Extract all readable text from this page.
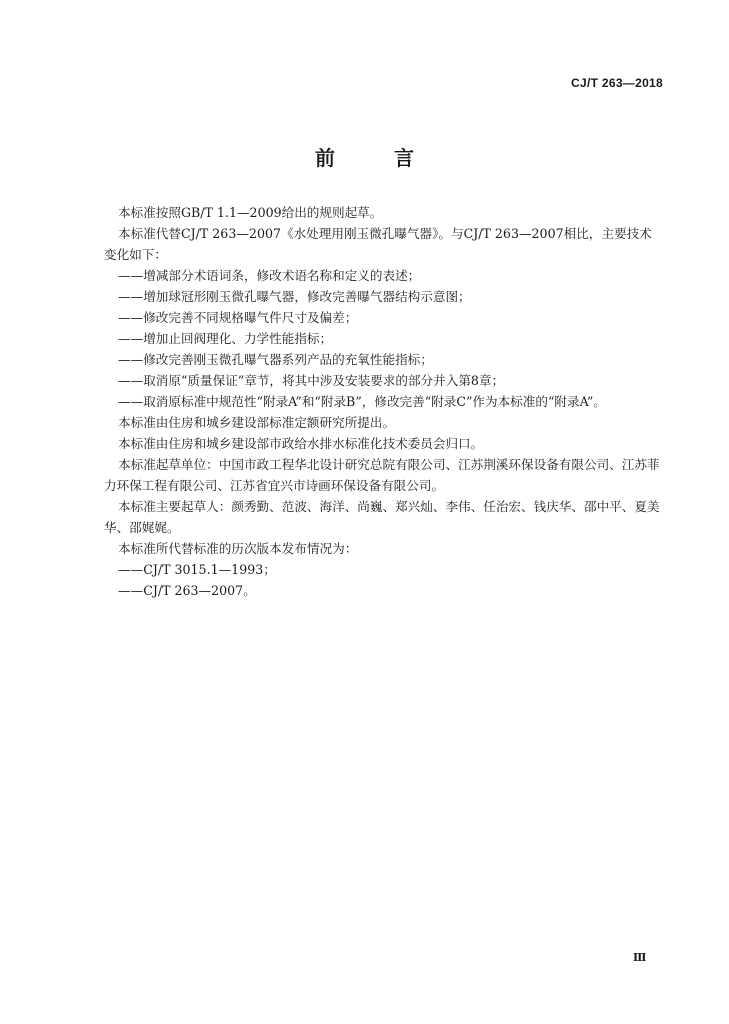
CJ/T 263—2018
前 言

本标准按照GB/T 1.1—2009给出的规则起草。

本标准代替CJ/T 263—2007《水处理用刚玉微孔曝气器》。与CJ/T 263—2007相比，主要技术变化如下：

——增减部分术语词条，修改术语名称和定义的表述；

——增加球冠形刚玉微孔曝气器，修改完善曝气器结构示意图；

——修改完善不同规格曝气件尺寸及偏差；

——增加止回阀理化、力学性能指标；

——修改完善刚玉微孔曝气器系列产品的充氧性能指标；

——取消原“质量保证”章节，将其中涉及安装要求的部分并入第8章；

——取消原标准中规范性“附录A”和“附录B”，修改完善“附录C”作为本标准的“附录A”。

本标准由住房和城乡建设部标准定额研究所提出。

本标准由住房和城乡建设部市政给水排水标准化技术委员会归口。

本标准起草单位：中国市政工程华北设计研究总院有限公司、江苏荆溪环保设备有限公司、江苏菲力环保工程有限公司、江苏省宜兴市诗画环保设备有限公司。

本标准主要起草人：颜秀勤、范波、海洋、尚巍、郑兴灿、李伟、任治宏、钱庆华、邵中平、夏美华、邵娓娓。

本标准所代替标准的历次版本发布情况为：

——CJ/T 3015.1—1993；

——CJ/T 263—2007。

Ⅲ
